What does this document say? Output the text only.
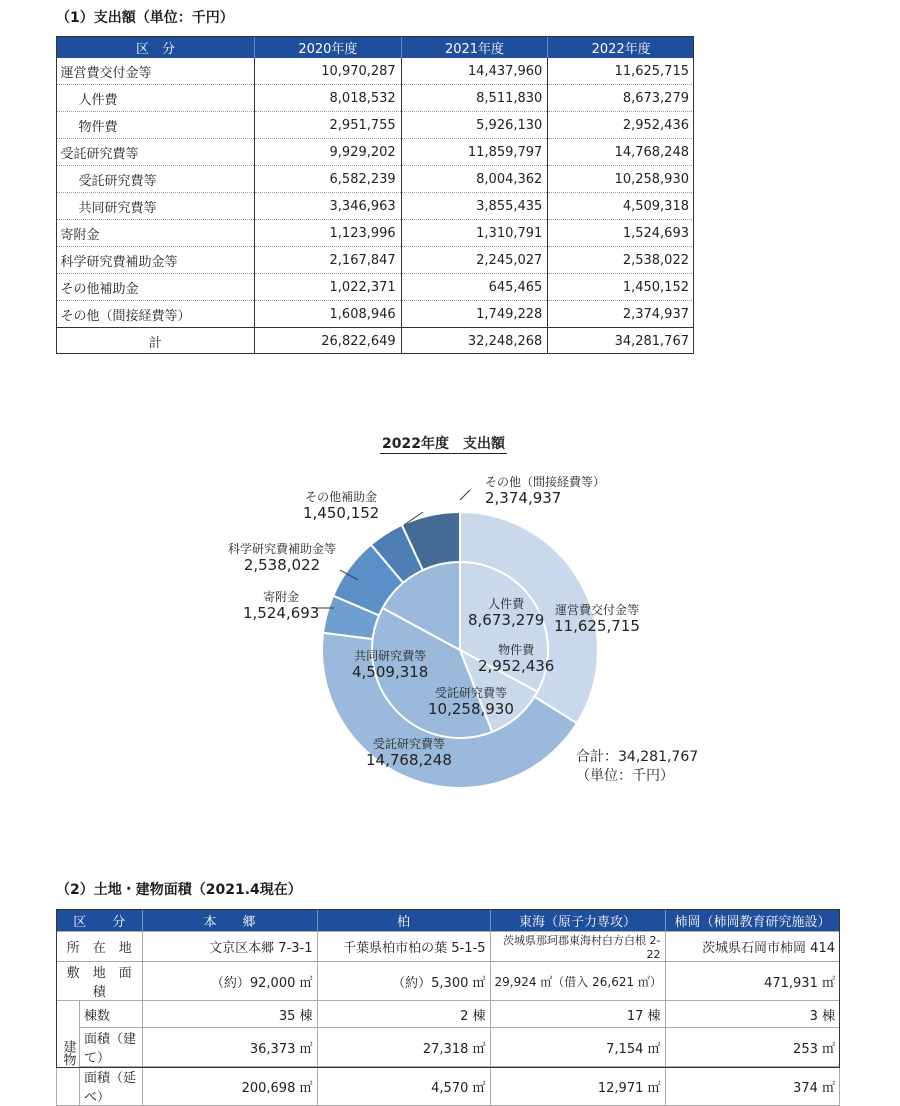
（1）支出額（単位：千円）
区　分	2020年度	2021年度	2022年度
運営費交付金等	10,970,287	14,437,960	11,625,715
人件費	8,018,532	8,511,830	8,673,279
物件費	2,951,755	5,926,130	2,952,436
受託研究費等	9,929,202	11,859,797	14,768,248
受託研究費等	6,582,239	8,004,362	10,258,930
共同研究費等	3,346,963	3,855,435	4,509,318
寄附金	1,123,996	1,310,791	1,524,693
科学研究費補助金等	2,167,847	2,245,027	2,538,022
その他補助金	1,022,371	645,465	1,450,152
その他（間接経費等）	1,608,946	1,749,228	2,374,937
計	26,822,649	32,248,268	34,281,767
2022年度　支出額
その他（間接経費等）
2,374,937
その他補助金
1,450,152
科学研究費補助金等
2,538,022
寄附金
1,524,693	運営費交付金等
11,625,715
受託研究費等
14,768,248
人件費
8,673,279
物件費
2,952,436
受託研究費等
10,258,930
共同研究費等
4,509,318
合計：34,281,767
（単位：千円）
（2）土地・建物面積（2021.4現在）
区　　分		本　　郷	柏	東海（原子力専攻）	柿岡（柿岡教育研究施設）
所　在　地		文京区本郷 7-3-1	千葉県柏市柏の葉 5-1-5	茨城県那珂郡東海村白方白根 2-22	茨城県石岡市柿岡 414
敷　地　面　積		（約）92,000 ㎡	（約）5,300 ㎡	29,924 ㎡（借入 26,621 ㎡）	471,931 ㎡
建物	棟数	35 棟	2 棟	17 棟	3 棟
	面積（建て）	36,373 ㎡	27,318 ㎡	7,154 ㎡	253 ㎡
	面積（延べ）	200,698 ㎡	4,570 ㎡	12,971 ㎡	374 ㎡
